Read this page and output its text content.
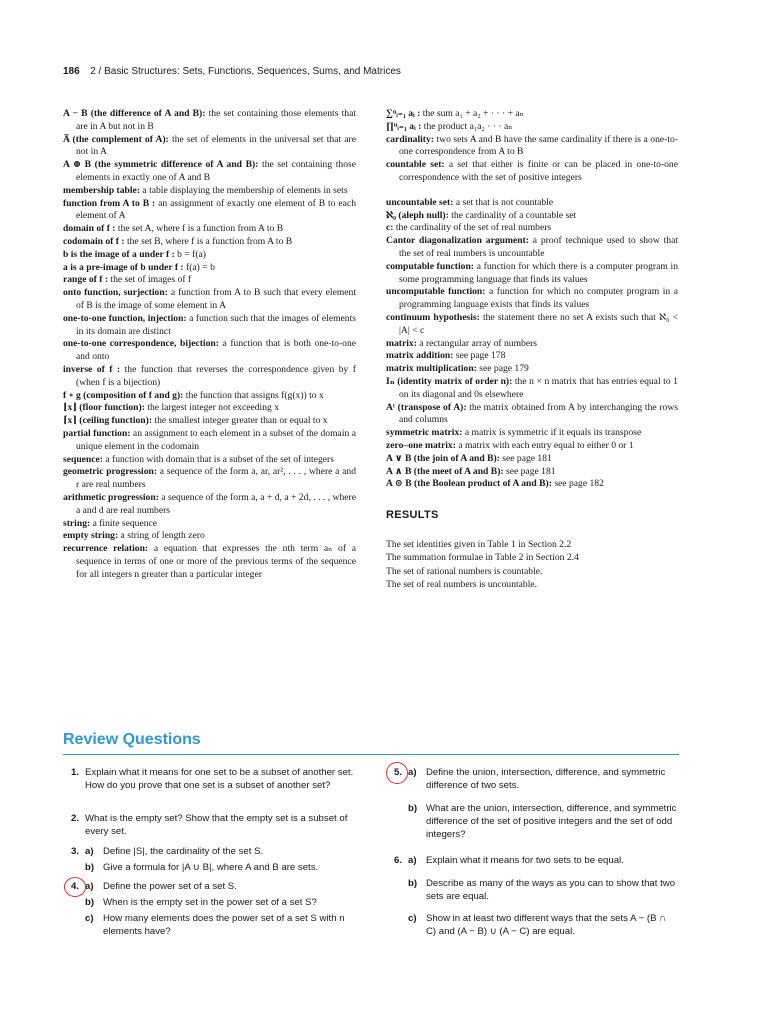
186 2 / Basic Structures: Sets, Functions, Sequences, Sums, and Matrices
A − B (the difference of A and B): the set containing those elements that are in A but not in B
A̅ (the complement of A): the set of elements in the universal set that are not in A
A ⊕ B (the symmetric difference of A and B): the set containing those elements in exactly one of A and B
membership table: a table displaying the membership of elements in sets
function from A to B : an assignment of exactly one element of B to each element of A
domain of f : the set A, where f is a function from A to B
codomain of f : the set B, where f is a function from A to B
b is the image of a under f : b = f(a)
a is a pre-image of b under f : f(a) = b
range of f : the set of images of f
onto function, surjection: a function from A to B such that every element of B is the image of some element in A
one-to-one function, injection: a function such that the images of elements in its domain are distinct
one-to-one correspondence, bijection: a function that is both one-to-one and onto
inverse of f : the function that reverses the correspondence given by f (when f is a bijection)
f ∘ g (composition of f and g): the function that assigns f(g(x)) to x
⌊x⌋ (floor function): the largest integer not exceeding x
⌈x⌉ (ceiling function): the smallest integer greater than or equal to x
partial function: an assignment to each element in a subset of the domain a unique element in the codomain
sequence: a function with domain that is a subset of the set of integers
geometric progression: a sequence of the form a, ar, ar², . . . , where a and r are real numbers
arithmetic progression: a sequence of the form a, a + d, a + 2d, . . . , where a and d are real numbers
string: a finite sequence
empty string: a string of length zero
recurrence relation: a equation that expresses the nth term aₙ of a sequence in terms of one or more of the previous terms of the sequence for all integers n greater than a particular integer
∑ⁿᵢ₌₁ aᵢ : the sum a₁ + a₂ + · · · + aₙ
∏ⁿᵢ₌₁ aᵢ : the product a₁a₂ · · · aₙ
cardinality: two sets A and B have the same cardinality if there is a one-to-one correspondence from A to B
countable set: a set that either is finite or can be placed in one-to-one correspondence with the set of positive integers
uncountable set: a set that is not countable
ℵ₀ (aleph null): the cardinality of a countable set
c: the cardinality of the set of real numbers
Cantor diagonalization argument: a proof technique used to show that the set of real numbers is uncountable
computable function: a function for which there is a computer program in some programming language that finds its values
uncomputable function: a function for which no computer program in a programming language exists that finds its values
continuum hypothesis: the statement there no set A exists such that ℵ₀ < |A| < c
matrix: a rectangular array of numbers
matrix addition: see page 178
matrix multiplication: see page 179
Iₙ (identity matrix of order n): the n × n matrix that has entries equal to 1 on its diagonal and 0s elsewhere
Aᵗ (transpose of A): the matrix obtained from A by interchanging the rows and columns
symmetric matrix: a matrix is symmetric if it equals its transpose
zero–one matrix: a matrix with each entry equal to either 0 or 1
A ∨ B (the join of A and B): see page 181
A ∧ B (the meet of A and B): see page 181
A ⊙ B (the Boolean product of A and B): see page 182
RESULTS
The set identities given in Table 1 in Section 2.2
The summation formulae in Table 2 in Section 2.4
The set of rational numbers is countable.
The set of real numbers is uncountable.
Review Questions
1. Explain what it means for one set to be a subset of another set. How do you prove that one set is a subset of another set?
2. What is the empty set? Show that the empty set is a subset of every set.
3. a) Define |S|, the cardinality of the set S.
b) Give a formula for |A ∪ B|, where A and B are sets.
4. a) Define the power set of a set S.
b) When is the empty set in the power set of a set S?
c) How many elements does the power set of a set S with n elements have?
5. a) Define the union, intersection, difference, and symmetric difference of two sets.
b) What are the union, intersection, difference, and symmetric difference of the set of positive integers and the set of odd integers?
6. a) Explain what it means for two sets to be equal.
b) Describe as many of the ways as you can to show that two sets are equal.
c) Show in at least two different ways that the sets A − (B ∩ C) and (A − B) ∪ (A − C) are equal.
